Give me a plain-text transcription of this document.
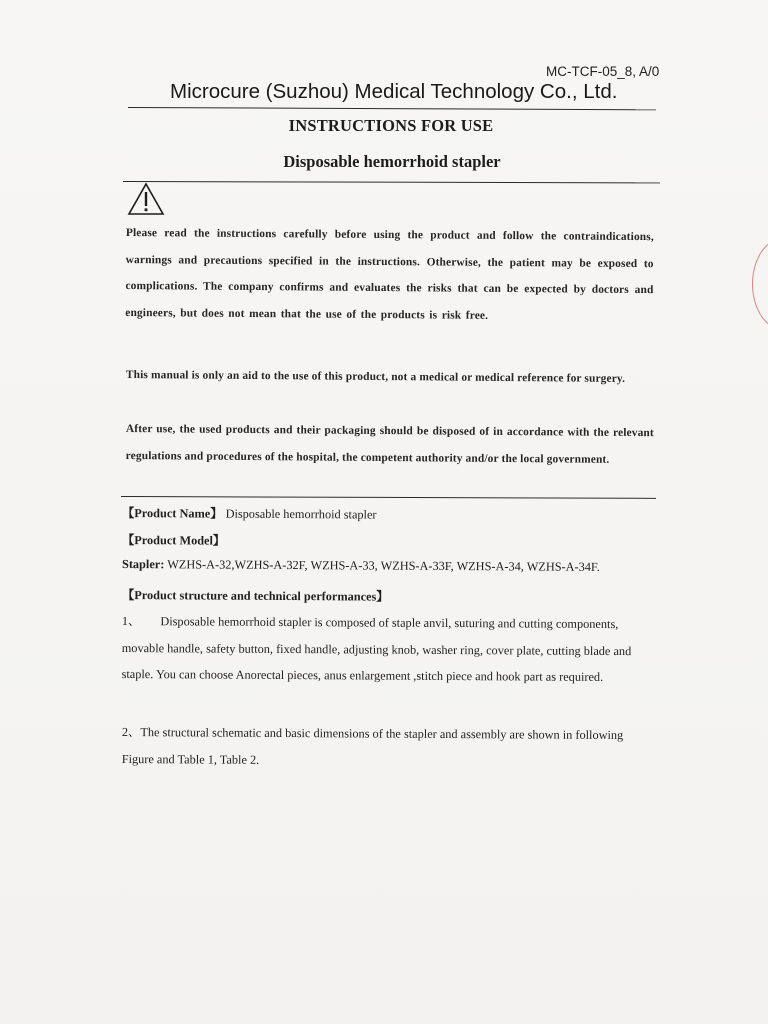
MC-TCF-05_8, A/0
Microcure (Suzhou) Medical Technology Co., Ltd.
INSTRUCTIONS FOR USE
Disposable hemorrhoid stapler
Please read the instructions carefully before using the product and follow the contraindications, warnings and precautions specified in the instructions. Otherwise, the patient may be exposed to complications. The company confirms and evaluates the risks that can be expected by doctors and engineers, but does not mean that the use of the products is risk free.
This manual is only an aid to the use of this product, not a medical or medical reference for surgery.
After use, the used products and their packaging should be disposed of in accordance with the relevant regulations and procedures of the hospital, the competent authority and/or the local government.
【Product Name】 Disposable hemorrhoid stapler
【Product Model】
Stapler: WZHS-A-32,WZHS-A-32F, WZHS-A-33, WZHS-A-33F, WZHS-A-34, WZHS-A-34F.
【Product structure and technical performances】
1、 Disposable hemorrhoid stapler is composed of staple anvil, suturing and cutting components, movable handle, safety button, fixed handle, adjusting knob, washer ring, cover plate, cutting blade and staple. You can choose Anorectal pieces, anus enlargement ,stitch piece and hook part as required.
2、The structural schematic and basic dimensions of the stapler and assembly are shown in following Figure and Table 1, Table 2.
